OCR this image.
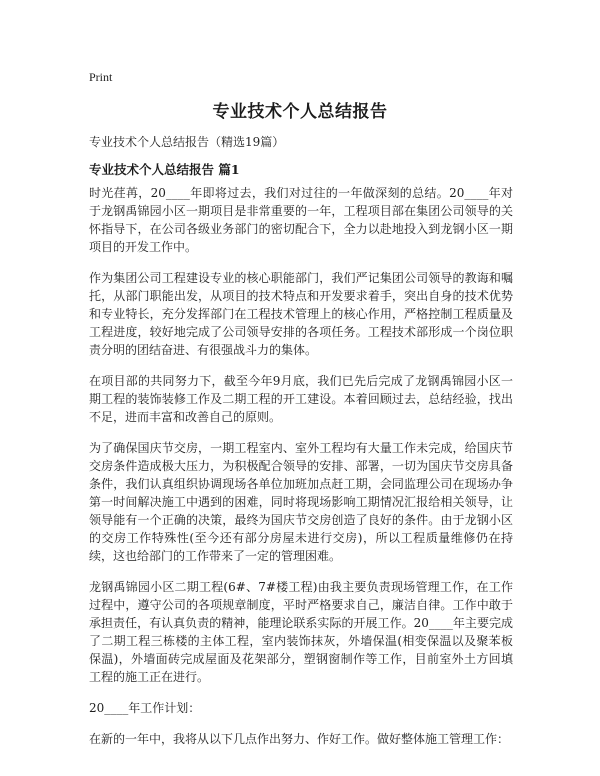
Print
专业技术个人总结报告
专业技术个人总结报告（精选19篇）
专业技术个人总结报告 篇1

时光荏苒，20____年即将过去，我们对过往的一年做深刻的总结。20____年对于龙钢禹锦园小区一期项目是非常重要的一年，工程项目部在集团公司领导的关怀指导下，在公司各级业务部门的密切配合下，全力以赴地投入到龙钢小区一期项目的开发工作中。

作为集团公司工程建设专业的核心职能部门，我们严记集团公司领导的教诲和嘱托，从部门职能出发，从项目的技术特点和开发要求着手，突出自身的技术优势和专业特长，充分发挥部门在工程技术管理上的核心作用，严格控制工程质量及工程进度，较好地完成了公司领导安排的各项任务。工程技术部形成一个岗位职责分明的团结奋进、有很强战斗力的集体。

在项目部的共同努力下，截至今年9月底，我们已先后完成了龙钢禹锦园小区一期工程的装饰装修工作及二期工程的开工建设。本着回顾过去，总结经验，找出不足，进而丰富和改善自己的原则。

为了确保国庆节交房，一期工程室内、室外工程均有大量工作未完成，给国庆节交房条件造成极大压力，为积极配合领导的安排、部署，一切为国庆节交房具备条件，我们认真组织协调现场各单位加班加点赶工期，会同监理公司在现场办争第一时间解决施工中遇到的困难，同时将现场影响工期情况汇报给相关领导，让领导能有一个正确的决策，最终为国庆节交房创造了良好的条件。由于龙钢小区的交房工作特殊性(至今还有部分房屋未进行交房)，所以工程质量维修仍在持续，这也给部门的工作带来了一定的管理困难。

龙钢禹锦园小区二期工程(6#、7#楼工程)由我主要负责现场管理工作，在工作过程中，遵守公司的各项规章制度，平时严格要求自己，廉洁自律。工作中敢于承担责任，有认真负责的精神，能理论联系实际的开展工作。20____年主要完成了二期工程三栋楼的主体工程，室内装饰抹灰，外墙保温(相变保温以及聚苯板保温)，外墙面砖完成屋面及花架部分，塑钢窗制作等工作，目前室外土方回填工程的施工正在进行。

20____年工作计划：

在新的一年中，我将从以下几点作出努力、作好工作。做好整体施工管理工作：
